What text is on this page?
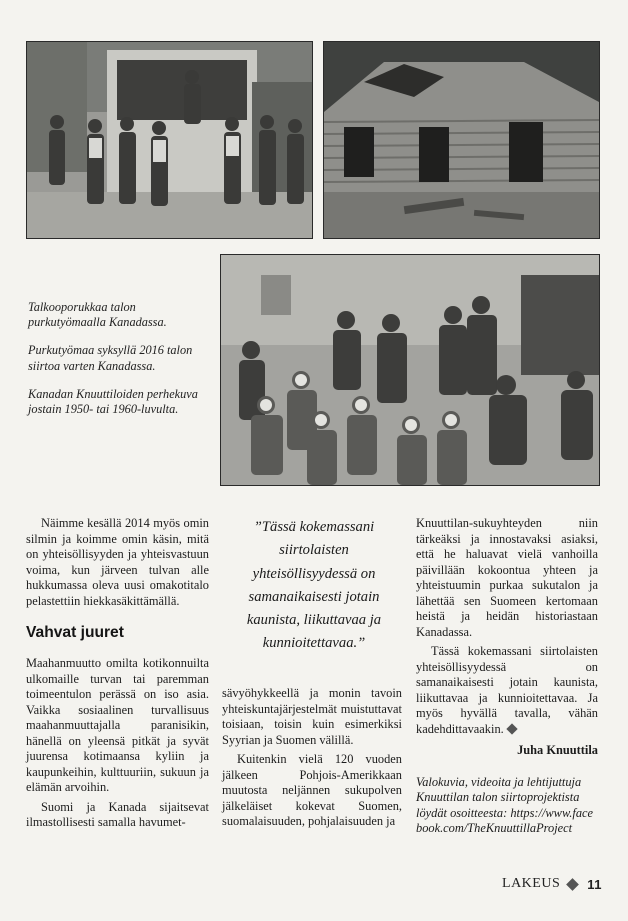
Talkooporukkaa talon purkutyömaalla Kanadassa.

Purkutyömaa syksyllä 2016 talon siirtoa varten Kanadassa.

Kanadan Knuuttiloiden perhekuva jostain 1950- tai 1960-luvulta.

Näimme kesällä 2014 myös omin silmin ja koimme omin käsin, mitä on yhteisöllisyyden ja yhteisvastuun voima, kun järveen tulvan alle hukkumassa oleva uusi omakotitalo pelastettiin hiekkasäkittämällä.

Vahvat juuret

Maahanmuutto omilta kotikonnuilta ulkomaille turvan tai paremman toimeentulon perässä on iso asia. Vaikka sosiaalinen turvallisuus maahanmuuttajalla paranisikin, hänellä on yleensä pitkät ja syvät juurensa kotimaansa kyliin ja kaupunkeihin, kulttuuriin, sukuun ja elämän arvoihin.

Suomi ja Kanada sijaitsevat ilmastollisesti samalla havumet-

”Tässä kokemassani siirtolaisten yhteisöllisyydessä on samanaikaisesti jotain kaunista, liikuttavaa ja kunnioitettavaa.”

sävyöhykkeellä ja monin tavoin yhteiskuntajärjestelmät muistuttavat toisiaan, toisin kuin esimerkiksi Syyrian ja Suomen välillä.

Kuitenkin vielä 120 vuoden jälkeen Pohjois-Amerikkaan muutosta neljännen sukupolven jälkeläiset kokevat Suomen, suomalaisuuden, pohjalaisuuden ja

Knuuttilan-sukuyhteyden niin tärkeäksi ja innostavaksi asiaksi, että he haluavat vielä vanhoilla päivillään kokoontua yhteen ja yhteistuumin purkaa sukutalon ja lähettää sen Suomeen kertomaan heistä ja heidän historiastaan Kanadassa.

Tässä kokemassani siirtolaisten yhteisöllisyydessä on samanaikaisesti jotain kaunista, liikuttavaa ja kunnioitettavaa. Ja myös hyvällä tavalla, vähän kadehdittavaakin.

Juha Knuuttila

Valokuvia, videoita ja lehtijuttuja Knuuttilan talon siirtoprojektista löydät osoitteesta: https://www.facebook.com/TheKnuuttillaProject

LAKEUS 11
